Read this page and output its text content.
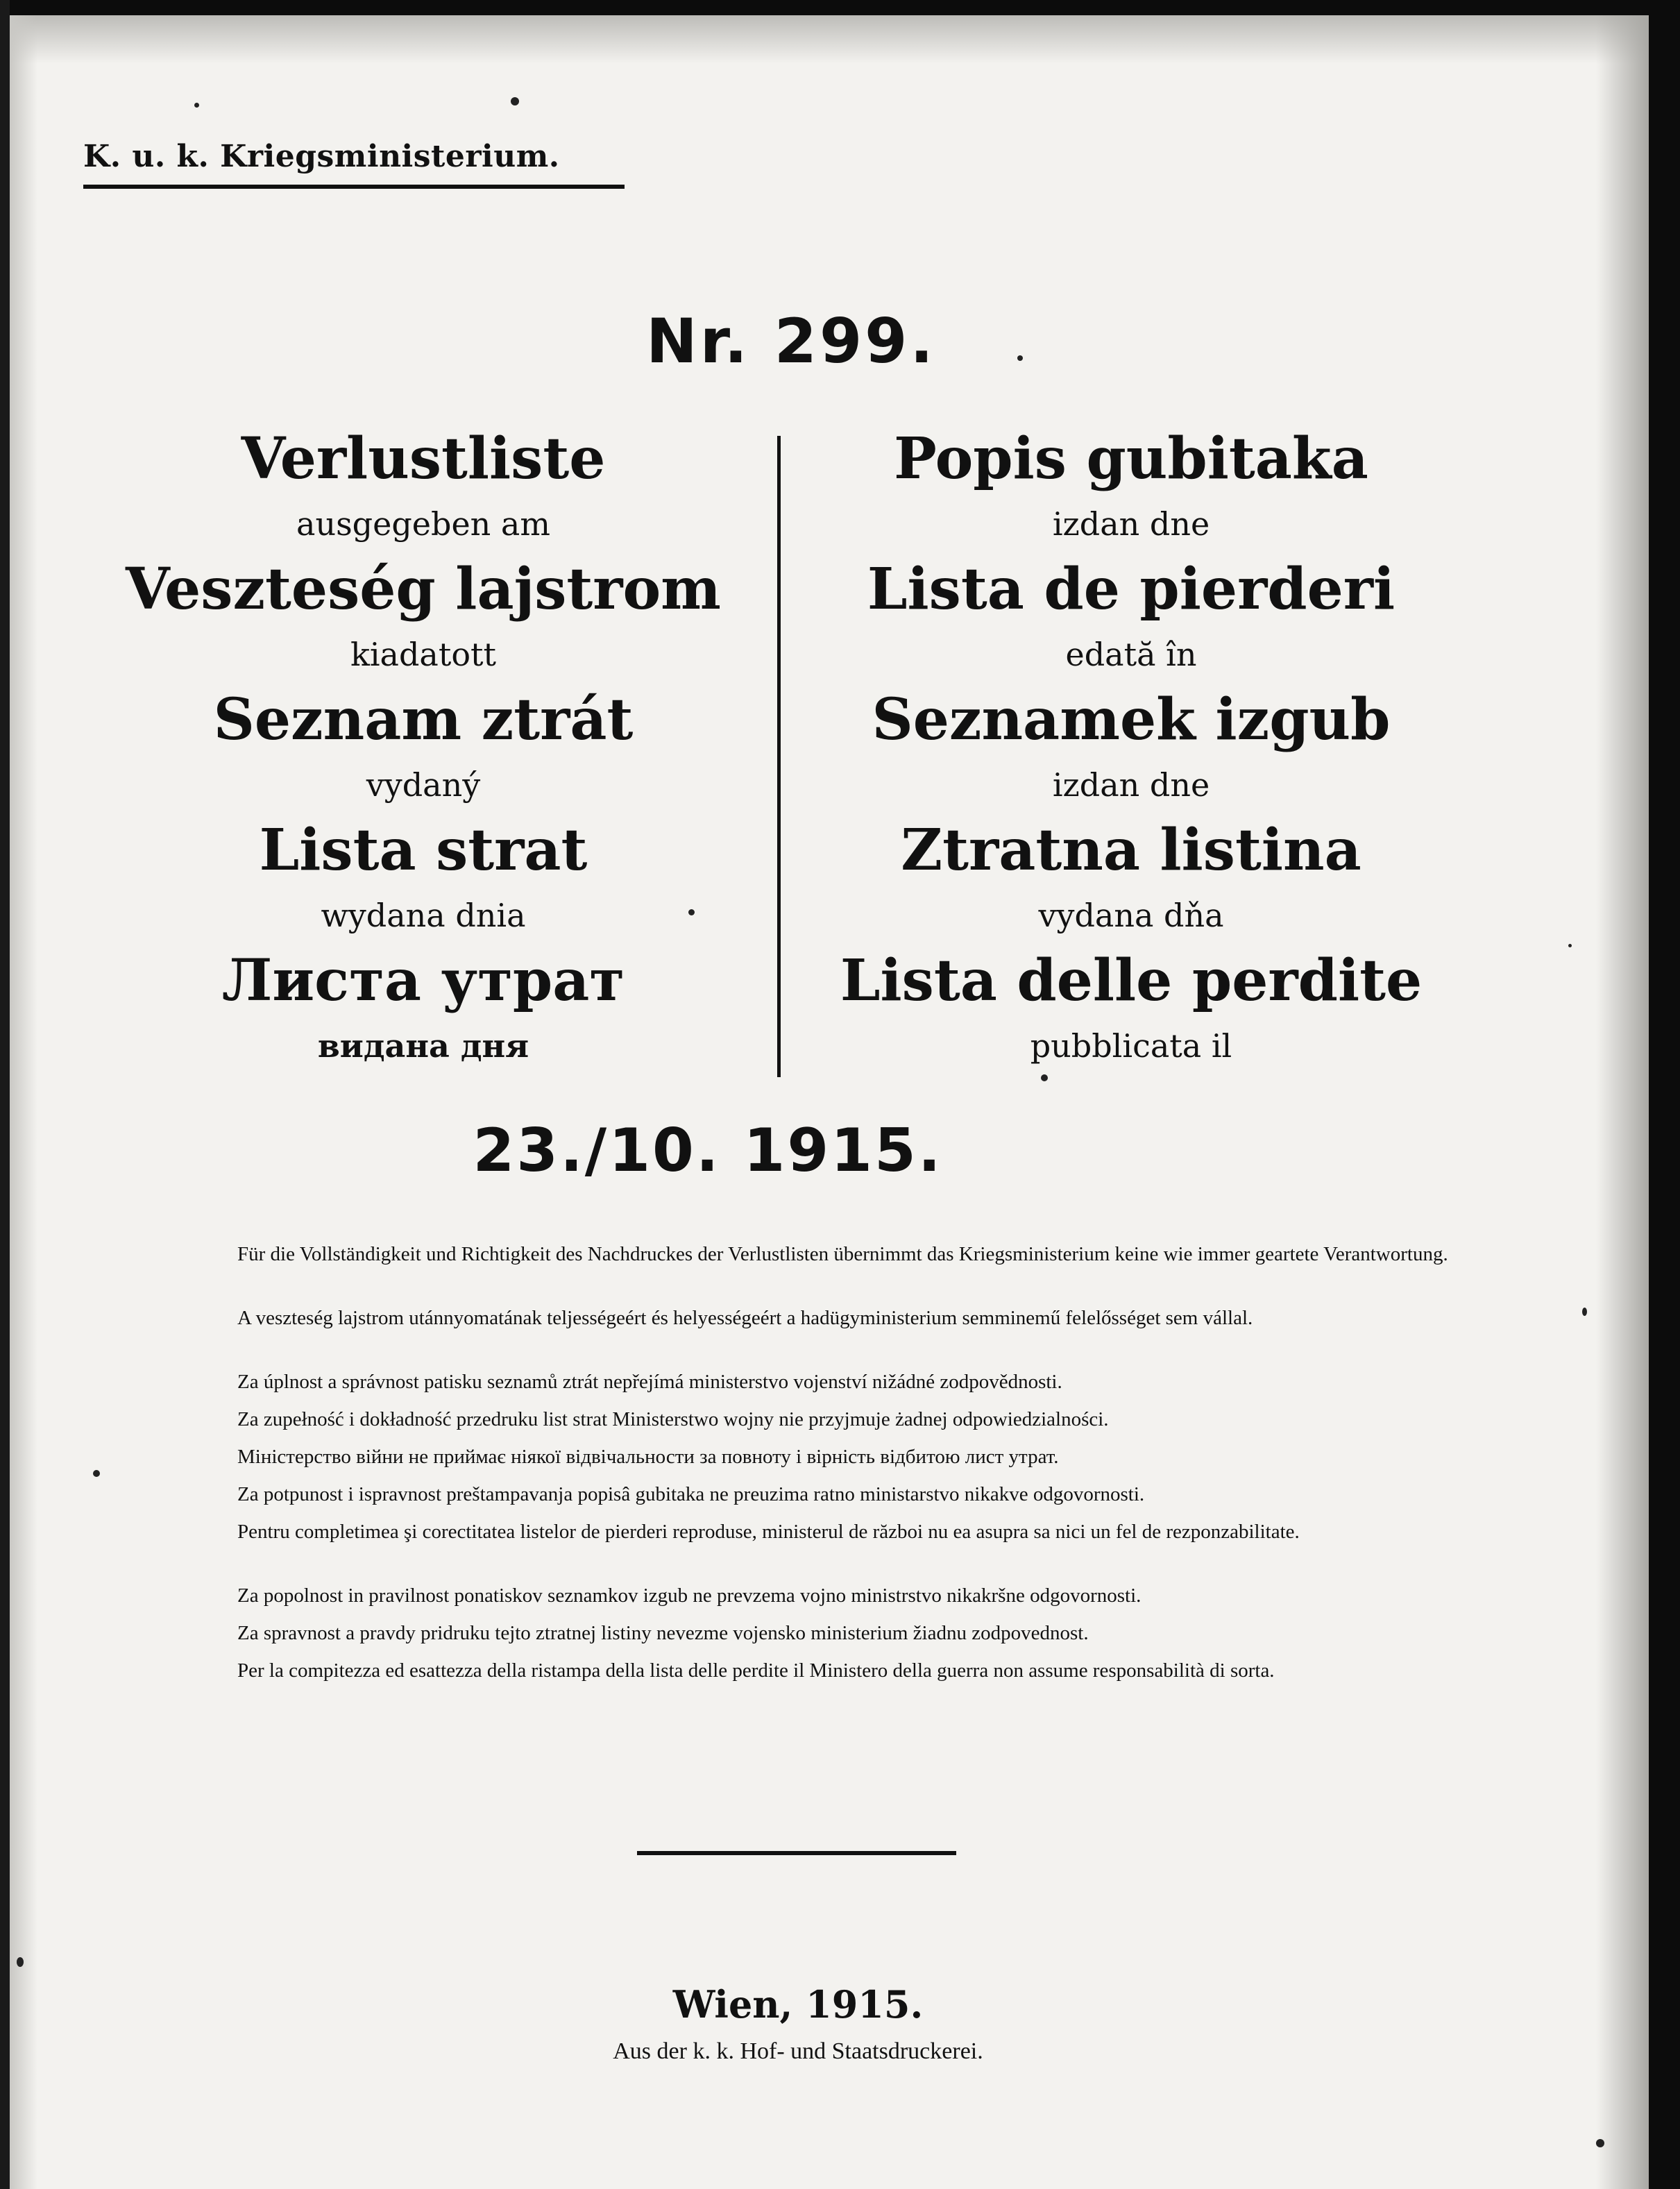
K. u. k. Kriegsministerium.
Nr. 299.
Verlustliste
ausgegeben am
Veszteség lajstrom
kiadatott
Seznam ztrát
vydaný
Lista strat
wydana dnia
Листа утрат
видана дня
Popis gubitaka
izdan dne
Lista de pierderi
edată în
Seznamek izgub
izdan dne
Ztratna listina
vydana dňa
Lista delle perdite
pubblicata il
23./10. 1915.
Für die Vollständigkeit und Richtigkeit des Nachdruckes der Verlustlisten übernimmt das Kriegsministerium keine wie immer geartete Verantwortung.
A veszteség lajstrom utánnyomatának teljességeért és helyességeért a hadügyministerium semminemű felelősséget sem vállal.
Za úplnost a správnost patisku seznamů ztrát nepřejímá ministerstvo vojenství nižádné zodpovědnosti.
Za zupełność i dokładność przedruku list strat Ministerstwo wojny nie przyjmuje żadnej odpowiedzialności.
Міністерство війни не приймає ніякої відвічальности за повноту і вірність відбитою лист утрат.
Za potpunost i ispravnost preštampavanja popisâ gubitaka ne preuzima ratno ministarstvo nikakve odgovornosti.
Pentru completimea şi corectitatea listelor de pierderi reproduse, ministerul de război nu ea asupra sa nici un fel de rezponzabilitate.
Za popolnost in pravilnost ponatiskov seznamkov izgub ne prevzema vojno ministrstvo nikakršne odgovornosti.
Za spravnost a pravdy pridruku tejto ztratnej listiny nevezme vojensko ministerium žiadnu zodpovednost.
Per la compitezza ed esattezza della ristampa della lista delle perdite il Ministero della guerra non assume responsabilità di sorta.
Wien, 1915.
Aus der k. k. Hof- und Staatsdruckerei.
